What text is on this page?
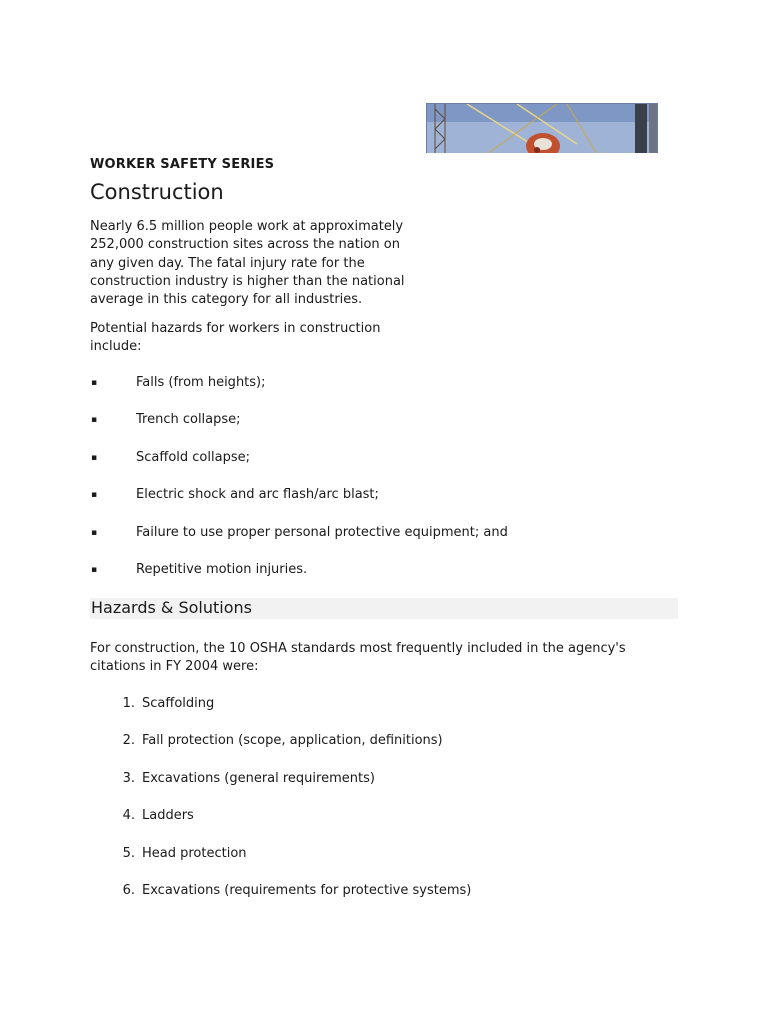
WORKER SAFETY SERIES
Construction

Nearly 6.5 million people work at approximately 252,000 construction sites across the nation on any given day. The fatal injury rate for the construction industry is higher than the national average in this category for all industries.

Potential hazards for workers in construction include:

▪	Falls (from heights);
▪	Trench collapse;
▪	Scaffold collapse;
▪	Electric shock and arc flash/arc blast;
▪	Failure to use proper personal protective equipment; and
▪	Repetitive motion injuries.
Hazards & Solutions

For construction, the 10 OSHA standards most frequently included in the agency's citations in FY 2004 were:

1. Scaffolding
2. Fall protection (scope, application, definitions)
3. Excavations (general requirements)
4. Ladders
5. Head protection
6. Excavations (requirements for protective systems)
